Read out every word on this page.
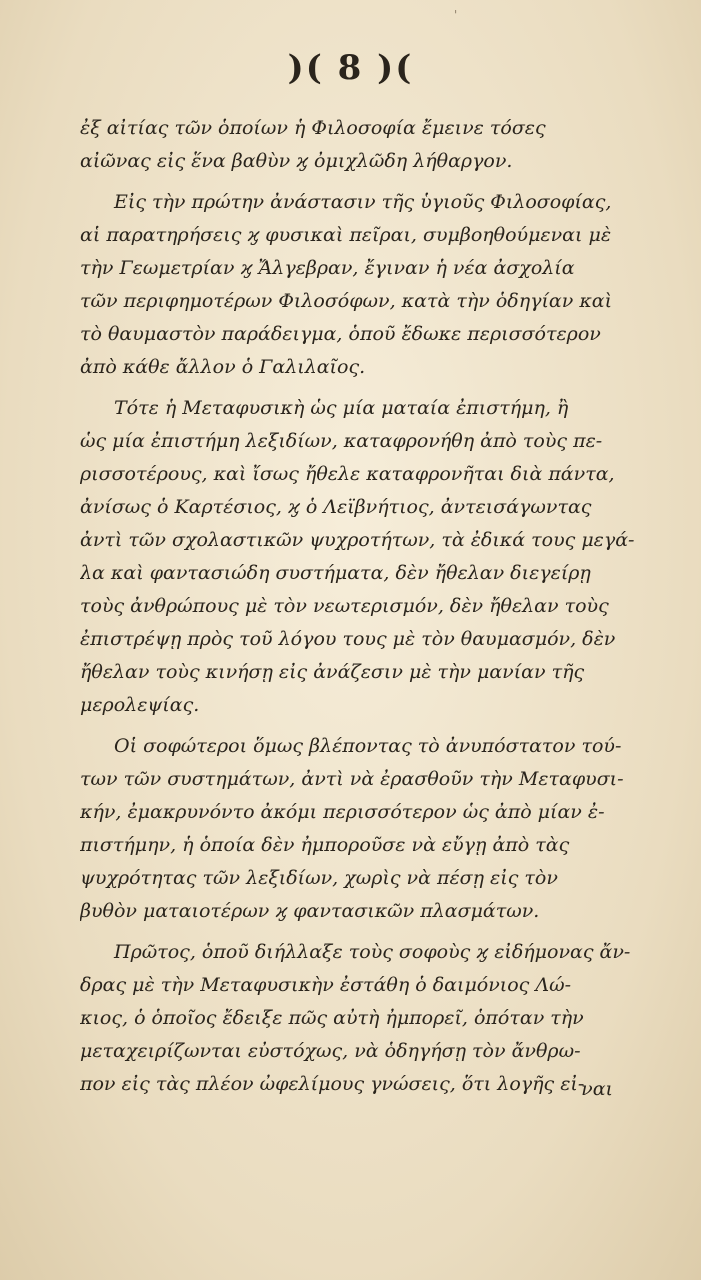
'
)( 8 )(
ἐξ αἰτίας τῶν ὁποίων ἡ Φιλοσοφία ἔμεινε τόσες
αἰῶνας εἰς ἕνα βαθὺν ϗ ὀμιχλῶδη λήθαργον.
Εἰς τὴν πρώτην ἀνάστασιν τῆς ὑγιοῦς Φιλοσοφίας,
αἱ παρατηρήσεις ϗ φυσικαὶ πεῖραι, συμβοηθούμεναι μὲ
τὴν Γεωμετρίαν ϗ Ἄλγεβραν, ἔγιναν ἡ νέα ἀσχολία
τῶν περιφημοτέρων Φιλοσόφων, κατὰ τὴν ὁδηγίαν καὶ
τὸ θαυμαστὸν παράδειγμα, ὁποῦ ἔδωκε περισσότερον
ἀπὸ κάθε ἄλλον ὁ Γαλιλαῖος.
Τότε ἡ Μεταφυσικὴ ὡς μία ματαία ἐπιστήμη, ἢ
ὡς μία ἐπιστήμη λεξιδίων, καταφρονήθη ἀπὸ τοὺς πε-
ρισσοτέρους, καὶ ἴσως ἤθελε καταφρονῆται διὰ πάντα,
ἀνίσως ὁ Καρτέσιος, ϗ ὁ Λεϊβνήτιος, ἀντεισάγωντας
ἀντὶ τῶν σχολαστικῶν ψυχροτήτων, τὰ ἐδικά τους μεγά-
λα καὶ φαντασιώδη συστήματα, δὲν ἤθελαν διεγείρῃ
τοὺς ἀνθρώπους μὲ τὸν νεωτερισμόν, δὲν ἤθελαν τοὺς
ἐπιστρέψῃ πρὸς τοῦ λόγου τους μὲ τὸν θαυμασμόν, δὲν
ἤθελαν τοὺς κινήσῃ εἰς ἀνάζεσιν μὲ τὴν μανίαν τῆς
μερολεψίας.
Οἱ σοφώτεροι ὅμως βλέποντας τὸ ἀνυπόστατον τού-
των τῶν συστημάτων, ἀντὶ νὰ ἐρασθοῦν τὴν Μεταφυσι-
κήν, ἐμακρυνόντο ἀκόμι περισσότερον ὡς ἀπὸ μίαν ἐ-
πιστήμην, ἡ ὁποία δὲν ἠμποροῦσε νὰ εὔγῃ ἀπὸ τὰς
ψυχρότητας τῶν λεξιδίων, χωρὶς νὰ πέσῃ εἰς τὸν
βυθὸν ματαιοτέρων ϗ φαντασικῶν πλασμάτων.
Πρῶτος, ὁποῦ διήλλαξε τοὺς σοφοὺς ϗ εἰδήμονας ἄν-
δρας μὲ τὴν Μεταφυσικὴν ἐστάθη ὁ δαιμόνιος Λώ-
κιος, ὁ ὁποῖος ἔδειξε πῶς αὐτὴ ἠμπορεῖ, ὁπόταν τὴν
μεταχειρίζωνται εὐστόχως, νὰ ὁδηγήσῃ τὸν ἄνθρω-
πον εἰς τὰς πλέον ὠφελίμους γνώσεις, ὅτι λογῆς εἰ-
ναι
